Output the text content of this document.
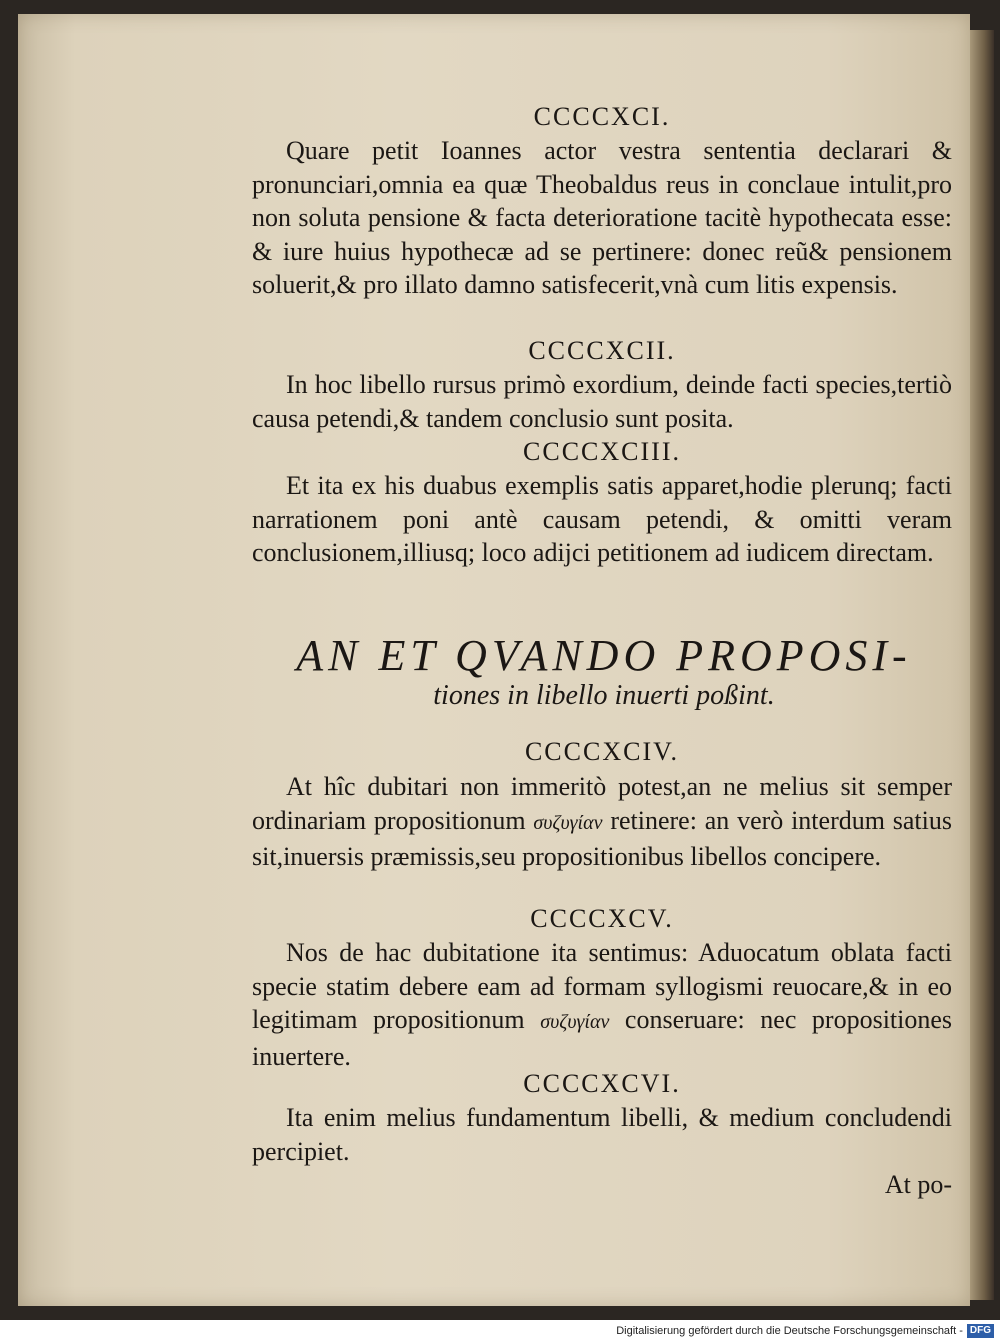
CCCCXCI.

Quare petit Ioannes actor vestra sententia declarari & pronunciari,omnia ea quæ Theobaldus reus in conclaue intulit,pro non soluta pensione & facta deterioratione tacitè hypothecata esse: & iure huius hypothecæ ad se pertinere: donec reũ& pensionem soluerit,& pro illato damno satisfecerit,vnà cum litis expensis.

CCCCXCII.

In hoc libello rursus primò exordium, deinde facti species,tertiò causa petendi,& tandem conclusio sunt posita.

CCCCXCIII.

Et ita ex his duabus exemplis satis apparet,hodie plerunq; facti narrationem poni antè causam petendi, & omitti veram conclusionem,illiusq; loco adijci petitionem ad iudicem directam.

AN ET QVANDO PROPOSI-
tiones in libello inuerti poßint.
CCCCXCIV.

At hîc dubitari non immeritò potest,an ne melius sit semper ordinariam propositionum συζυγίαν retinere: an verò interdum satius sit,inuersis præmissis,seu propositionibus libellos concipere.

CCCCXCV.

Nos de hac dubitatione ita sentimus: Aduocatum oblata facti specie statim debere eam ad formam syllogismi reuocare,& in eo legitimam propositionum συζυγίαν conseruare: nec propositiones inuertere.

CCCCXCVI.

Ita enim melius fundamentum libelli, & medium concludendi percipiet.

At po-
Digitalisierung gefördert durch die Deutsche Forschungsgemeinschaft - DFG
